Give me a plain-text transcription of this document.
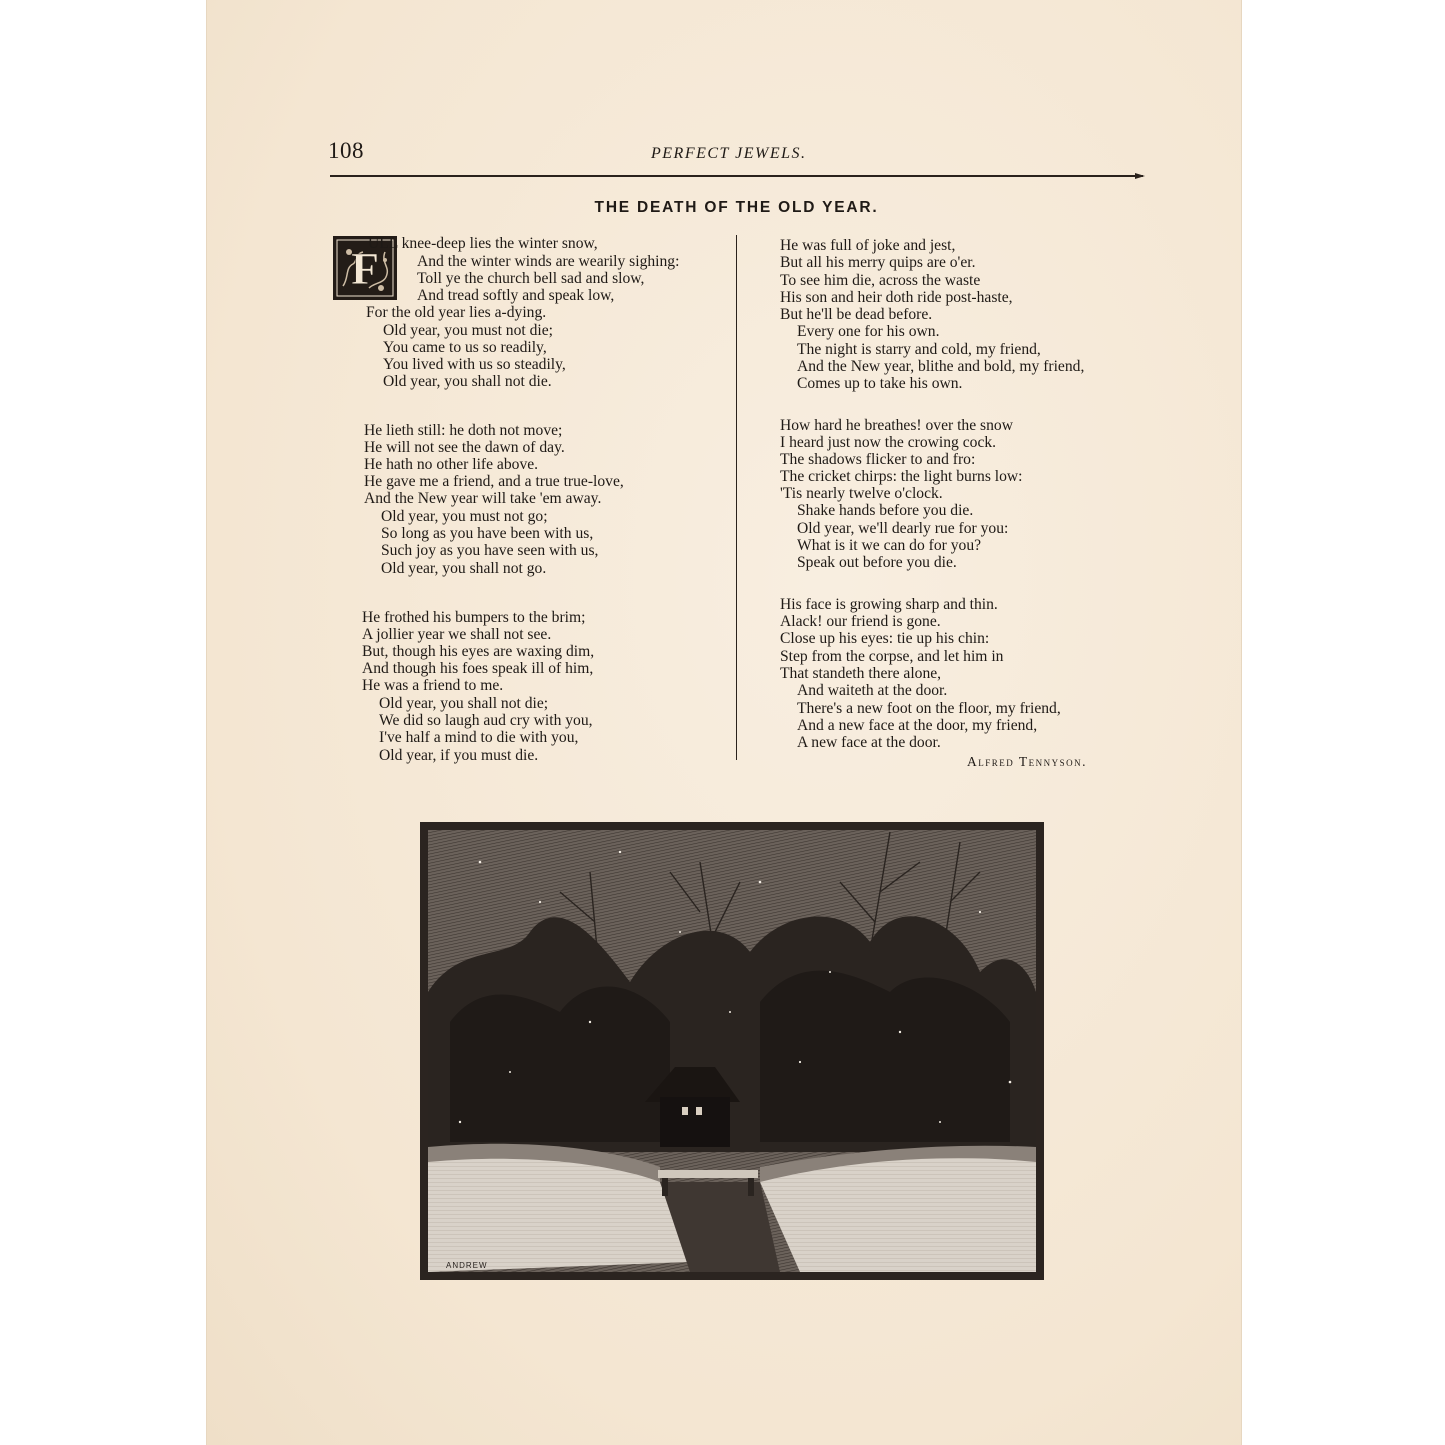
108	PERFECT JEWELS.
THE DEATH OF THE OLD YEAR.
F
ULL knee-deep lies the winter snow,
And the winter winds are wearily sighing:
Toll ye the church bell sad and slow,
And tread softly and speak low,
For the old year lies a-dying.
Old year, you must not die;
You came to us so readily,
You lived with us so steadily,
Old year, you shall not die.
He lieth still: he doth not move;
He will not see the dawn of day.
He hath no other life above.
He gave me a friend, and a true true-love,
And the New year will take 'em away.
Old year, you must not go;
So long as you have been with us,
Such joy as you have seen with us,
Old year, you shall not go.
He frothed his bumpers to the brim;
A jollier year we shall not see.
But, though his eyes are waxing dim,
And though his foes speak ill of him,
He was a friend to me.
Old year, you shall not die;
We did so laugh aud cry with you,
I've half a mind to die with you,
Old year, if you must die.
He was full of joke and jest,
But all his merry quips are o'er.
To see him die, across the waste
His son and heir doth ride post-haste,
But he'll be dead before.
Every one for his own.
The night is starry and cold, my friend,
And the New year, blithe and bold, my friend,
Comes up to take his own.
How hard he breathes! over the snow
I heard just now the crowing cock.
The shadows flicker to and fro:
The cricket chirps: the light burns low:
'Tis nearly twelve o'clock.
Shake hands before you die.
Old year, we'll dearly rue for you:
What is it we can do for you?
Speak out before you die.
His face is growing sharp and thin.
Alack! our friend is gone.
Close up his eyes: tie up his chin:
Step from the corpse, and let him in
That standeth there alone,
And waiteth at the door.
There's a new foot on the floor, my friend,
And a new face at the door, my friend,
A new face at the door.
Alfred Tennyson.
ANDREW
